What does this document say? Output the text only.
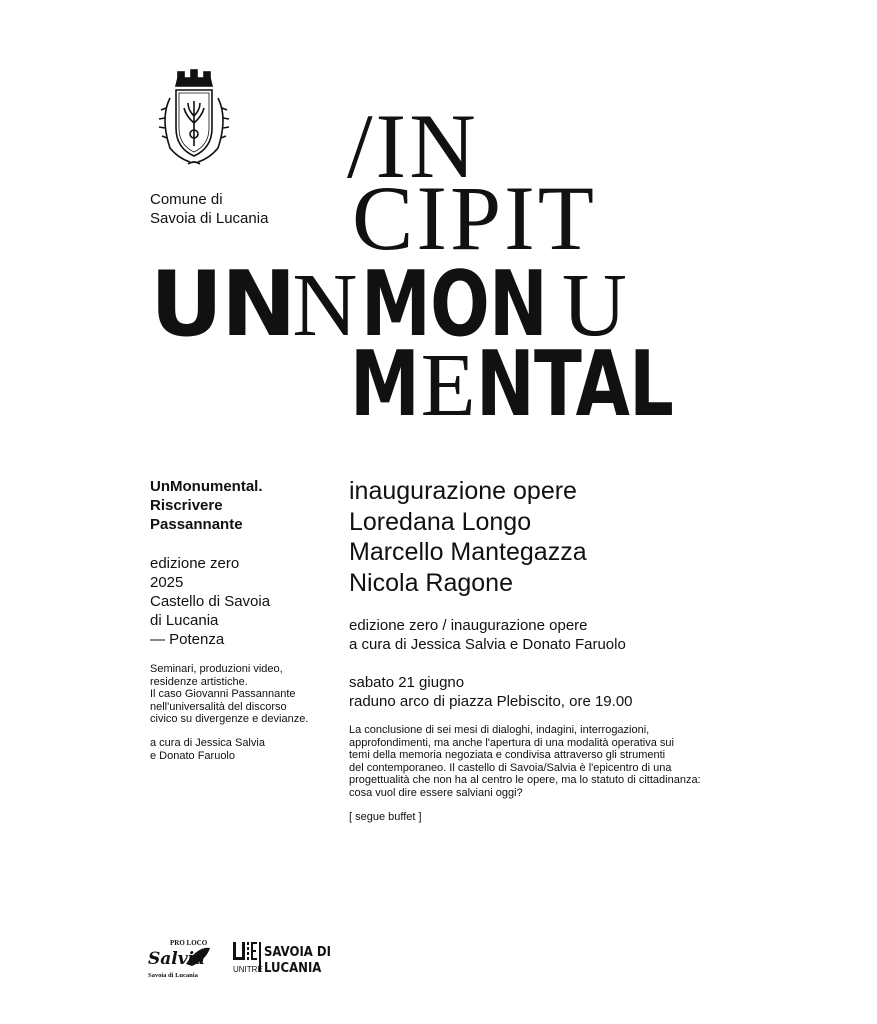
Comune di
Savoia di Lucania
/IN
CIPIT
UNNMON U
MENTAL
UnMonumental.
Riscrivere
Passannante
edizione zero
2025
Castello di Savoia
di Lucania
— Potenza
Seminari, produzioni video,
residenze artistiche.
Il caso Giovanni Passannante
nell'universalità del discorso
civico su divergenze e devianze.
a cura di Jessica Salvia
e Donato Faruolo
inaugurazione opere
Loredana Longo
Marcello Mantegazza
Nicola Ragone
edizione zero / inaugurazione opere
a cura di Jessica Salvia e Donato Faruolo
sabato 21 giugno
raduno arco di piazza Plebiscito, ore 19.00
La conclusione di sei mesi di dialoghi, indagini, interrogazioni,
approfondimenti, ma anche l'apertura di una modalità operativa sui
temi della memoria negoziata e condivisa attraverso gli strumenti
del contemporaneo. Il castello di Savoia/Salvia è l'epicentro di una
progettualità che non ha al centro le opere, ma lo statuto di cittadinanza:
cosa vuol dire essere salviani oggi?
[ segue buffet ]
PRO LOCO
Salvia
Savoia di Lucania
UNITRE
SAVOIA DI
LUCANIA
